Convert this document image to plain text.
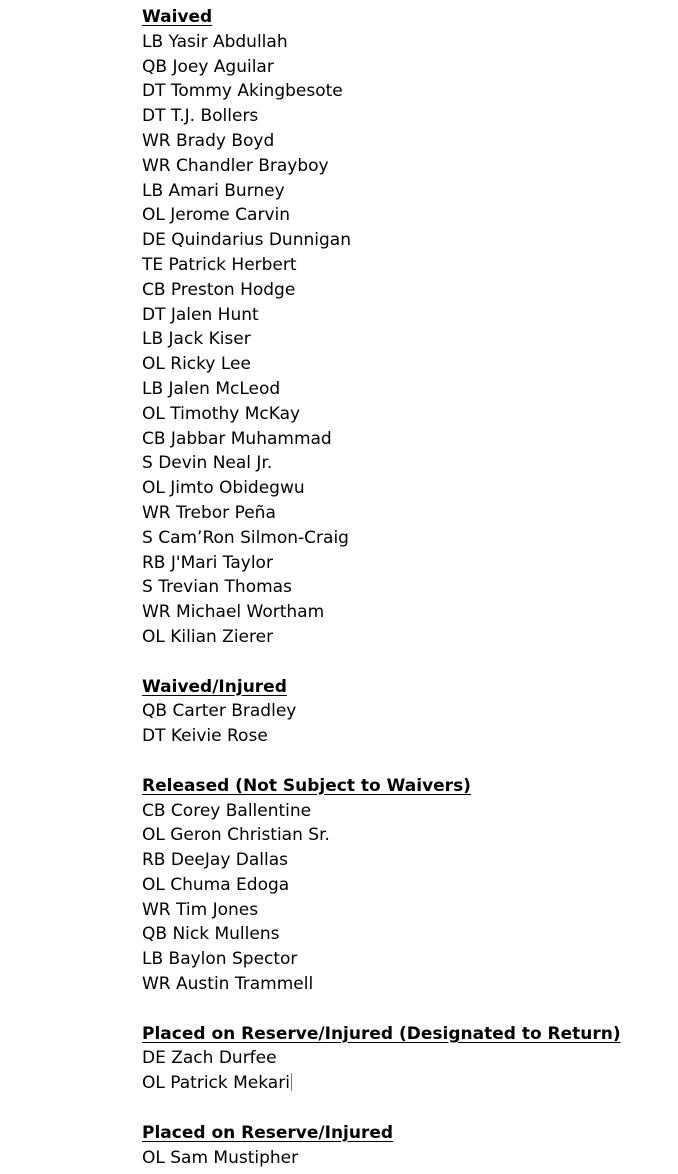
Waived
LB Yasir Abdullah
QB Joey Aguilar
DT Tommy Akingbesote
DT T.J. Bollers
WR Brady Boyd
WR Chandler Brayboy
LB Amari Burney
OL Jerome Carvin
DE Quindarius Dunnigan
TE Patrick Herbert
CB Preston Hodge
DT Jalen Hunt
LB Jack Kiser
OL Ricky Lee
LB Jalen McLeod
OL Timothy McKay
CB Jabbar Muhammad
S Devin Neal Jr.
OL Jimto Obidegwu
WR Trebor Peña
S Cam’Ron Silmon-Craig
RB J'Mari Taylor
S Trevian Thomas
WR Michael Wortham
OL Kilian Zierer
Waived/Injured
QB Carter Bradley
DT Keivie Rose
Released (Not Subject to Waivers)
CB Corey Ballentine
OL Geron Christian Sr.
RB DeeJay Dallas
OL Chuma Edoga
WR Tim Jones
QB Nick Mullens
LB Baylon Spector
WR Austin Trammell
Placed on Reserve/Injured (Designated to Return)
DE Zach Durfee
OL Patrick Mekari
Placed on Reserve/Injured
OL Sam Mustipher
